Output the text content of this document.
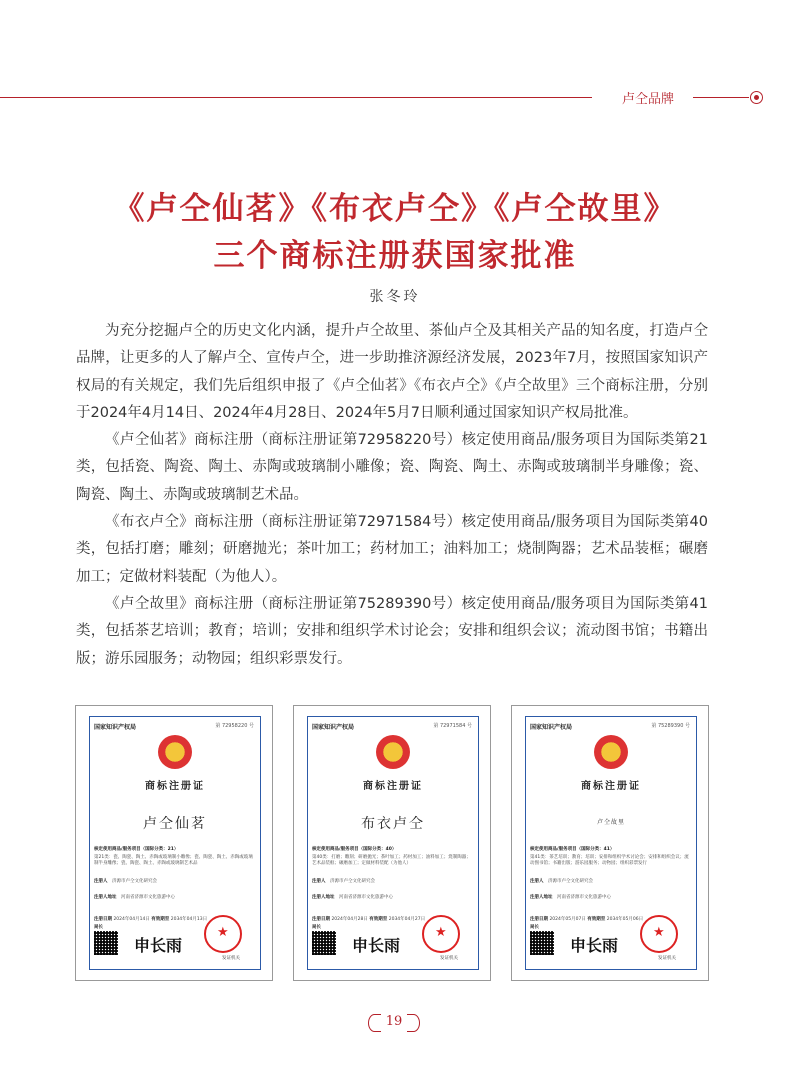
卢仝品牌
《卢仝仙茗》《布衣卢仝》《卢仝故里》
三个商标注册获国家批准
张冬玲

为充分挖掘卢仝的历史文化内涵，提升卢仝故里、茶仙卢仝及其相关产品的知名度，打造卢仝品牌，让更多的人了解卢仝、宣传卢仝，进一步助推济源经济发展，2023年7月，按照国家知识产权局的有关规定，我们先后组织申报了《卢仝仙茗》《布衣卢仝》《卢仝故里》三个商标注册，分别于2024年4月14日、2024年4月28日、2024年5月7日顺利通过国家知识产权局批准。

《卢仝仙茗》商标注册（商标注册证第72958220号）核定使用商品/服务项目为国际类第21 类，包括瓷、陶瓷、陶土、赤陶或玻璃制小雕像；瓷、陶瓷、陶土、赤陶或玻璃制半身雕像；瓷、陶瓷、陶土、赤陶或玻璃制艺术品。

《布衣卢仝》商标注册（商标注册证第72971584号）核定使用商品/服务项目为国际类第40 类，包括打磨；雕刻；研磨抛光；茶叶加工；药材加工；油料加工；烧制陶器；艺术品装框；碾磨加工；定做材料装配（为他人）。

《卢仝故里》商标注册（商标注册证第75289390号）核定使用商品/服务项目为国际类第41类，包括茶艺培训；教育；培训；安排和组织学术讨论会；安排和组织会议；流动图书馆；书籍出版；游乐园服务；动物园；组织彩票发行。

国家知识产权局	第 72958220 号
★
商标注册证
卢仝仙茗
核定使用商品/服务项目（国际分类：21）
第21类：瓷、陶瓷、陶土、赤陶或玻璃制小雕像；瓷、陶瓷、陶土、赤陶或玻璃制半身雕像；瓷、陶瓷、陶土、赤陶或玻璃制艺术品
注册人　 济源市卢仝文化研究会
注册人地址　 河南省济源市文化旅游中心
注册日期 2024年04月14日 有效期至 2034年04月13日
局长
申长雨
★
发证机关
国家知识产权局	第 72971584 号
★
商标注册证
布衣卢仝
核定使用商品/服务项目（国际分类：40）
第40类：打磨；雕刻；研磨抛光；茶叶加工；药材加工；油料加工；烧制陶器；艺术品装框；碾磨加工；定做材料装配（为他人）
注册人　 济源市卢仝文化研究会
注册人地址　 河南省济源市文化旅游中心
注册日期 2024年04月28日 有效期至 2034年04月27日
局长
申长雨
★
发证机关
国家知识产权局	第 75289390 号
★
商标注册证
卢仝故里
核定使用商品/服务项目（国际分类：41）
第41类：茶艺培训；教育；培训；安排和组织学术讨论会；安排和组织会议；流动图书馆；书籍出版；游乐园服务；动物园；组织彩票发行
注册人　 济源市卢仝文化研究会
注册人地址　 河南省济源市文化旅游中心
注册日期 2024年05月07日 有效期至 2034年05月06日
局长
申长雨
★
发证机关
19
